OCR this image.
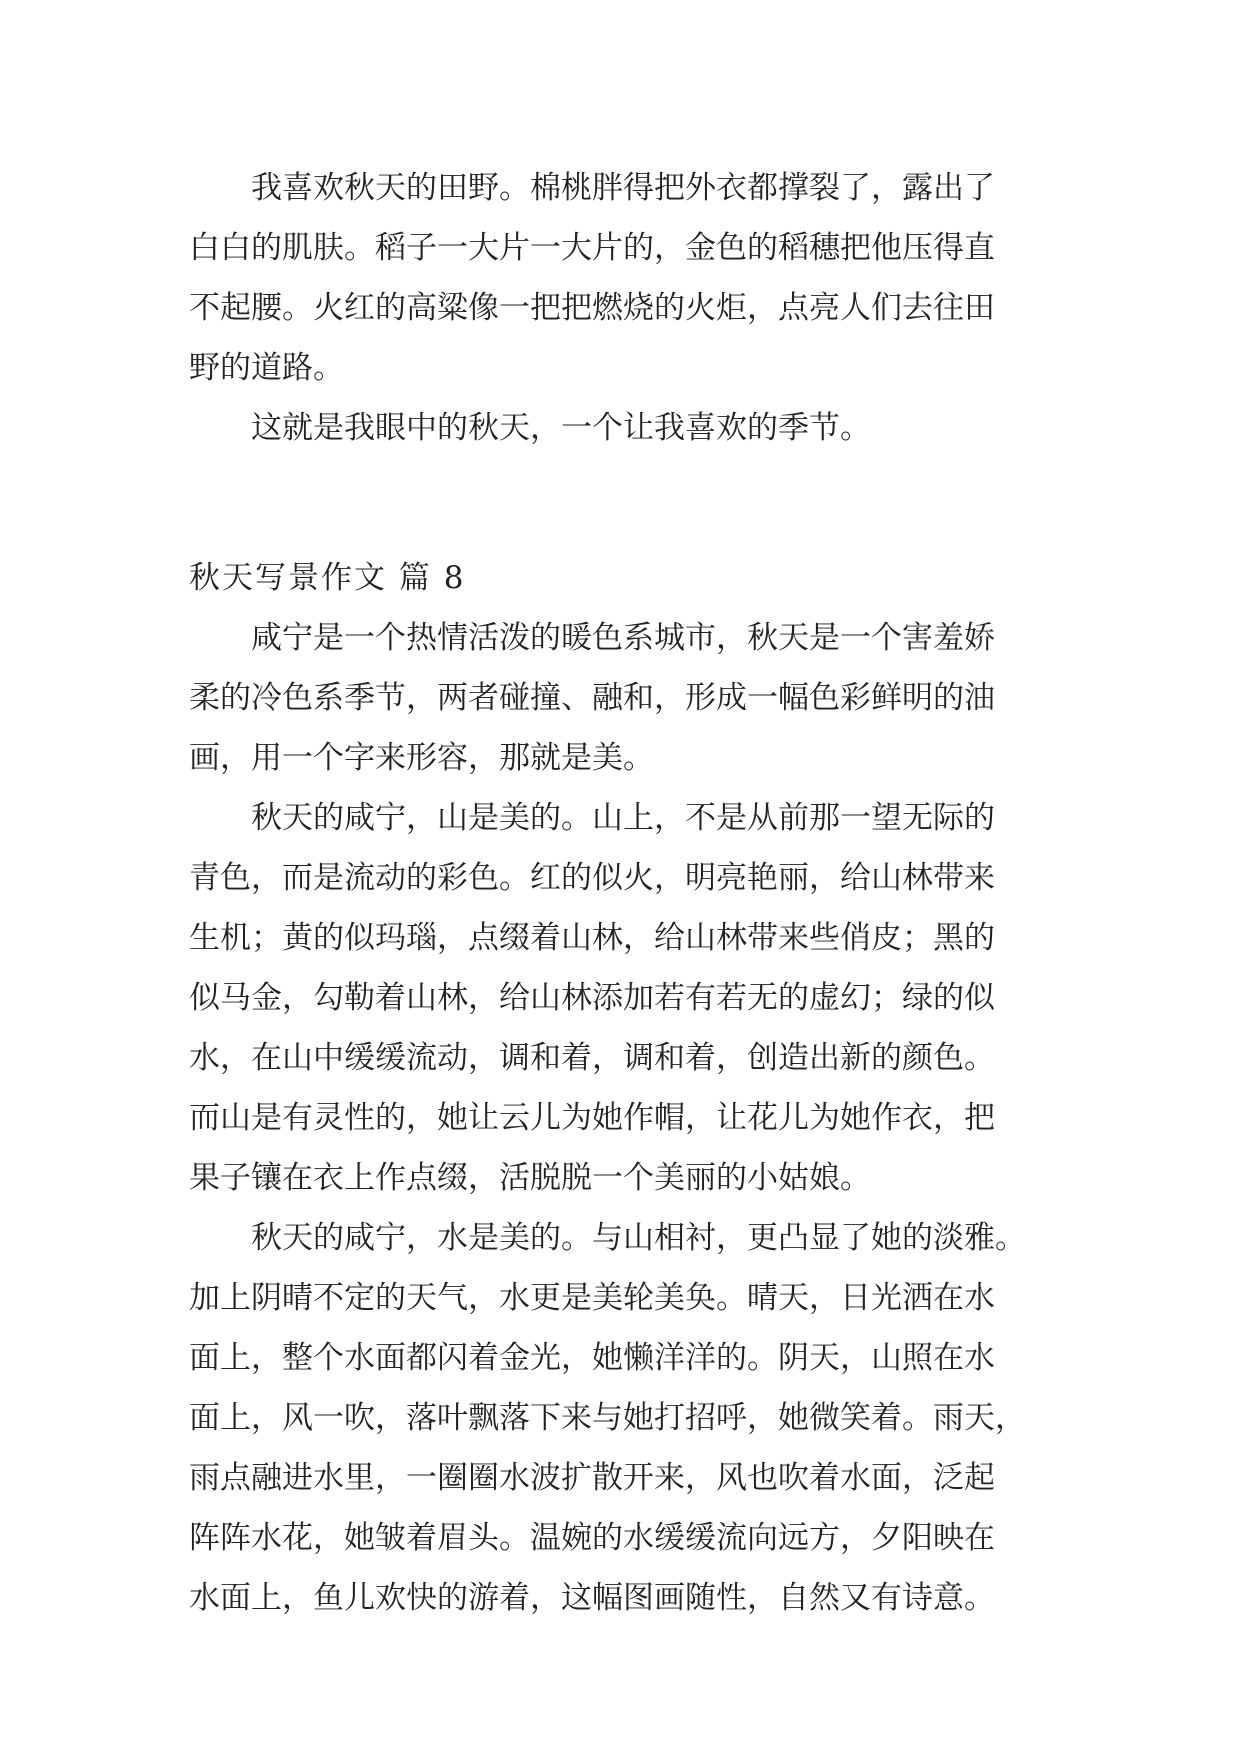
　　我喜欢秋天的田野。棉桃胖得把外衣都撑裂了，露出了
白白的肌肤。稻子一大片一大片的，金色的稻穗把他压得直
不起腰。火红的高粱像一把把燃烧的火炬，点亮人们去往田
野的道路。
　　这就是我眼中的秋天，一个让我喜欢的季节。
秋天写景作文 篇 8
　　咸宁是一个热情活泼的暖色系城市，秋天是一个害羞娇
柔的冷色系季节，两者碰撞、融和，形成一幅色彩鲜明的油
画，用一个字来形容，那就是美。
　　秋天的咸宁，山是美的。山上，不是从前那一望无际的
青色，而是流动的彩色。红的似火，明亮艳丽，给山林带来
生机；黄的似玛瑙，点缀着山林，给山林带来些俏皮；黑的
似马金，勾勒着山林，给山林添加若有若无的虚幻；绿的似
水，在山中缓缓流动，调和着，调和着，创造出新的颜色。
而山是有灵性的，她让云儿为她作帽，让花儿为她作衣，把
果子镶在衣上作点缀，活脱脱一个美丽的小姑娘。
　　秋天的咸宁，水是美的。与山相衬，更凸显了她的淡雅。
加上阴晴不定的天气，水更是美轮美奂。晴天，日光洒在水
面上，整个水面都闪着金光，她懒洋洋的。阴天，山照在水
面上，风一吹，落叶飘落下来与她打招呼，她微笑着。雨天，
雨点融进水里，一圈圈水波扩散开来，风也吹着水面，泛起
阵阵水花，她皱着眉头。温婉的水缓缓流向远方，夕阳映在
水面上，鱼儿欢快的游着，这幅图画随性，自然又有诗意。
